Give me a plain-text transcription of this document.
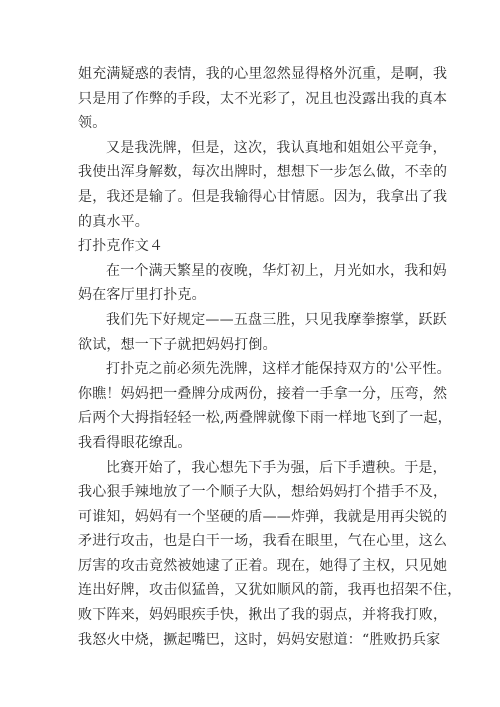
姐充满疑惑的表情，我的心里忽然显得格外沉重，是啊，我
只是用了作弊的手段，太不光彩了，况且也没露出我的真本
领。
又是我洗牌，但是，这次，我认真地和姐姐公平竞争，
我使出浑身解数，每次出牌时，想想下一步怎么做，不幸的
是，我还是输了。但是我输得心甘情愿。因为，我拿出了我
的真水平。
打扑克作文４
在一个满天繁星的夜晚，华灯初上，月光如水，我和妈
妈在客厅里打扑克。
我们先下好规定——五盘三胜，只见我摩拳擦掌，跃跃
欲试，想一下子就把妈妈打倒。
打扑克之前必须先洗牌，这样才能保持双方的'公平性。
你瞧！妈妈把一叠牌分成两份，接着一手拿一分，压弯，然
后两个大拇指轻轻一松,两叠牌就像下雨一样地飞到了一起，
我看得眼花缭乱。
比赛开始了，我心想先下手为强，后下手遭秧。于是，
我心狠手辣地放了一个顺子大队，想给妈妈打个措手不及，
可谁知，妈妈有一个坚硬的盾——炸弹，我就是用再尖锐的
矛进行攻击，也是白干一场，我看在眼里，气在心里，这么
厉害的攻击竟然被她逮了正着。现在，她得了主权，只见她
连出好牌，攻击似猛兽，又犹如顺风的箭，我再也招架不住，
败下阵来，妈妈眼疾手快，揪出了我的弱点，并将我打败，
我怒火中烧，撅起嘴巴，这时，妈妈安慰道：“胜败扔兵家
